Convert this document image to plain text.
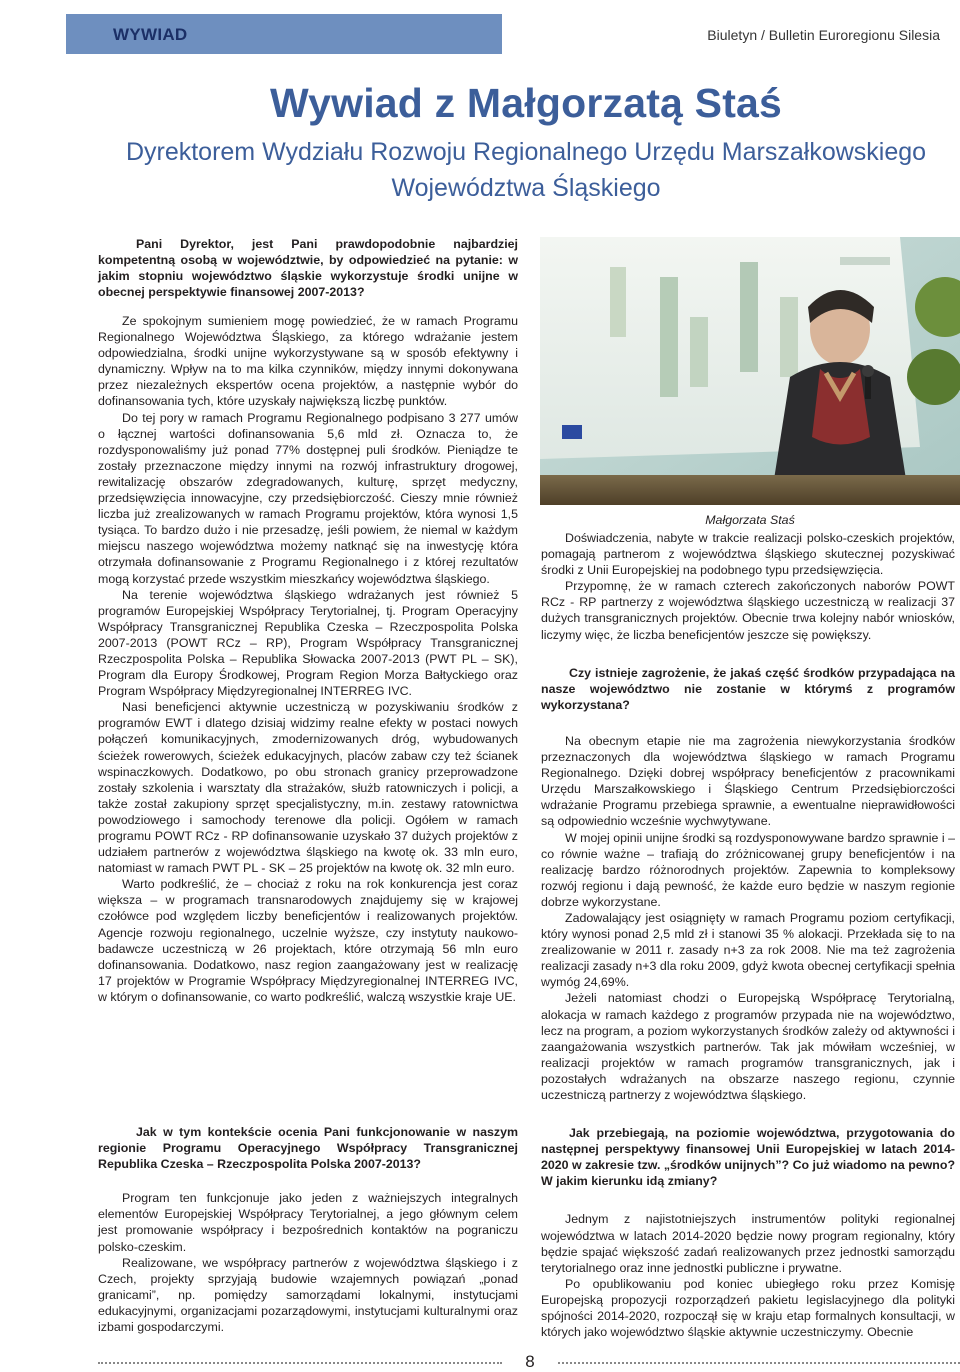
WYWIAD	Biuletyn / Bulletin Euroregionu Silesia
Wywiad z Małgorzatą Staś
Dyrektorem Wydziału Rozwoju Regionalnego Urzędu Marszałkowskiego
Województwa Śląskiego

Pani Dyrektor, jest Pani prawdopodobnie najbardziej kompetentną osobą w województwie, by odpowiedzieć na pytanie: w jakim stopniu województwo śląskie wykorzystuje środki unijne w obecnej perspektywie finansowej 2007-2013?

Ze spokojnym sumieniem mogę powiedzieć, że w ramach Programu Regionalnego Województwa Śląskiego, za którego wdrażanie jestem odpowiedzialna, środki unijne wykorzystywane są w sposób efektywny i dynamiczny. Wpływ na to ma kilka czynników, między innymi dokonywana przez niezależnych ekspertów ocena projektów, a następnie wybór do dofinansowania tych, które uzyskały największą liczbę punktów.

Do tej pory w ramach Programu Regionalnego podpisano 3 277 umów o łącznej wartości dofinansowania 5,6 mld zł. Oznacza to, że rozdysponowaliśmy już ponad 77% dostępnej puli środków. Pieniądze te zostały przeznaczone między innymi na rozwój infrastruktury drogowej, rewitalizację obszarów zdegradowanych, kulturę, sprzęt medyczny, przedsięwzięcia innowacyjne, czy przedsiębiorczość. Cieszy mnie również liczba już zrealizowanych w ramach Programu projektów, która wynosi 1,5 tysiąca. To bardzo dużo i nie przesadzę, jeśli powiem, że niemal w każdym miejscu naszego województwa możemy natknąć się na inwestycję która otrzymała dofinansowanie z Programu Regionalnego i z której rezultatów mogą korzystać przede wszystkim mieszkańcy województwa śląskiego.

Na terenie województwa śląskiego wdrażanych jest również 5 programów Europejskiej Współpracy Terytorialnej, tj. Program Operacyjny Współpracy Transgranicznej Republika Czeska – Rzeczpospolita Polska 2007-2013 (POWT RCz – RP), Program Współpracy Transgranicznej Rzeczpospolita Polska – Republika Słowacka 2007-2013 (PWT PL – SK), Program dla Europy Środkowej, Program Region Morza Bałtyckiego oraz Program Współpracy Międzyregionalnej INTERREG IVC.

Nasi beneficjenci aktywnie uczestniczą w pozyskiwaniu środków z programów EWT i dlatego dzisiaj widzimy realne efekty w postaci nowych połączeń komunikacyjnych, zmodernizowanych dróg, wybudowanych ścieżek rowerowych, ścieżek edukacyjnych, placów zabaw czy też ścianek wspinaczkowych. Dodatkowo, po obu stronach granicy przeprowadzone zostały szkolenia i warsztaty dla strażaków, służb ratowniczych i policji, a także został zakupiony sprzęt specjalistyczny, m.in. zestawy ratownictwa powodziowego i samochody terenowe dla policji. Ogółem w ramach programu POWT RCz - RP dofinansowanie uzyskało 37 dużych projektów z udziałem partnerów z województwa śląskiego na kwotę ok. 33 mln euro, natomiast w ramach PWT PL - SK – 25 projektów na kwotę ok. 32 mln euro.

Warto podkreślić, że – chociaż z roku na rok konkurencja jest coraz większa – w programach transnarodowych znajdujemy się w krajowej czołówce pod względem liczby beneficjentów i realizowanych projektów. Agencje rozwoju regionalnego, uczelnie wyższe, czy instytuty naukowo-badawcze uczestniczą w 26 projektach, które otrzymają 56 mln euro dofinansowania. Dodatkowo, nasz region zaangażowany jest w realizację 17 projektów w Programie Współpracy Międzyregionalnej INTERREG IVC, w którym o dofinansowanie, co warto podkreślić, walczą wszystkie kraje UE.

Jak w tym kontekście ocenia Pani funkcjonowanie w naszym regionie Programu Operacyjnego Współpracy Transgranicznej Republika Czeska – Rzeczpospolita Polska 2007-2013?

Program ten funkcjonuje jako jeden z ważniejszych integralnych elementów Europejskiej Współpracy Terytorialnej, a jego głównym celem jest promowanie współpracy i bezpośrednich kontaktów na pograniczu polsko-czeskim.

Realizowane, we współpracy partnerów z województwa śląskiego i z Czech, projekty sprzyjają budowie wzajemnych powiązań „ponad granicami”, np. pomiędzy samorządami lokalnymi, instytucjami edukacyjnymi, organizacjami pozarządowymi, instytucjami kulturalnymi oraz izbami gospodarczymi.

Małgorzata Staś

Doświadczenia, nabyte w trakcie realizacji polsko-czeskich projektów, pomagają partnerom z województwa śląskiego skutecznej pozyskiwać środki z Unii Europejskiej na podobnego typu przedsięwzięcia.

Przypomnę, że w ramach czterech zakończonych naborów POWT RCz - RP partnerzy z województwa śląskiego uczestniczą w realizacji 37 dużych transgranicznych projektów. Obecnie trwa kolejny nabór wniosków, liczymy więc, że liczba beneficjentów jeszcze się powiększy.

Czy istnieje zagrożenie, że jakaś część środków przypadająca na nasze województwo nie zostanie w którymś z programów wykorzystana?

Na obecnym etapie nie ma zagrożenia niewykorzystania środków przeznaczonych dla województwa śląskiego w ramach Programu Regionalnego. Dzięki dobrej współpracy beneficjentów z pracownikami Urzędu Marszałkowskiego i Śląskiego Centrum Przedsiębiorczości wdrażanie Programu przebiega sprawnie, a ewentualne nieprawidłowości są odpowiednio wcześnie wychwytywane.

W mojej opinii unijne środki są rozdysponowywane bardzo sprawnie i – co równie ważne – trafiają do zróżnicowanej grupy beneficjentów i na realizację bardzo różnorodnych projektów. Zapewnia to kompleksowy rozwój regionu i dają pewność, że każde euro będzie w naszym regionie dobrze wykorzystane.

Zadowalający jest osiągnięty w ramach Programu poziom certyfikacji, który wynosi ponad 2,5 mld zł i stanowi 35 % alokacji. Przekłada się to na zrealizowanie w 2011 r. zasady n+3 za rok 2008. Nie ma też zagrożenia realizacji zasady n+3 dla roku 2009, gdyż kwota obecnej certyfikacji spełnia wymóg 24,69%.

Jeżeli natomiast chodzi o Europejską Współpracę Terytorialną, alokacja w ramach każdego z programów przypada nie na województwo, lecz na program, a poziom wykorzystanych środków zależy od aktywności i zaangażowania wszystkich partnerów. Tak jak mówiłam wcześniej, w realizacji projektów w ramach programów transgranicznych, jak i pozostałych wdrażanych na obszarze naszego regionu, czynnie uczestniczą partnerzy z województwa śląskiego.

Jak przebiegają, na poziomie województwa, przygotowania do następnej perspektywy finansowej Unii Europejskiej w latach 2014-2020 w zakresie tzw. „środków unijnych”? Co już wiadomo na pewno? W jakim kierunku idą zmiany?

Jednym z najistotniejszych instrumentów polityki regionalnej województwa w latach 2014-2020 będzie nowy program regionalny, który będzie spajać większość zadań realizowanych przez jednostki samorządu terytorialnego oraz inne jednostki publiczne i prywatne.

Po opublikowaniu pod koniec ubiegłego roku przez Komisję Europejską propozycji rozporządzeń pakietu legislacyjnego dla polityki spójności 2014-2020, rozpoczął się w kraju etap formalnych konsultacji, w których jako województwo śląskie aktywnie uczestniczymy. Obecnie

8
